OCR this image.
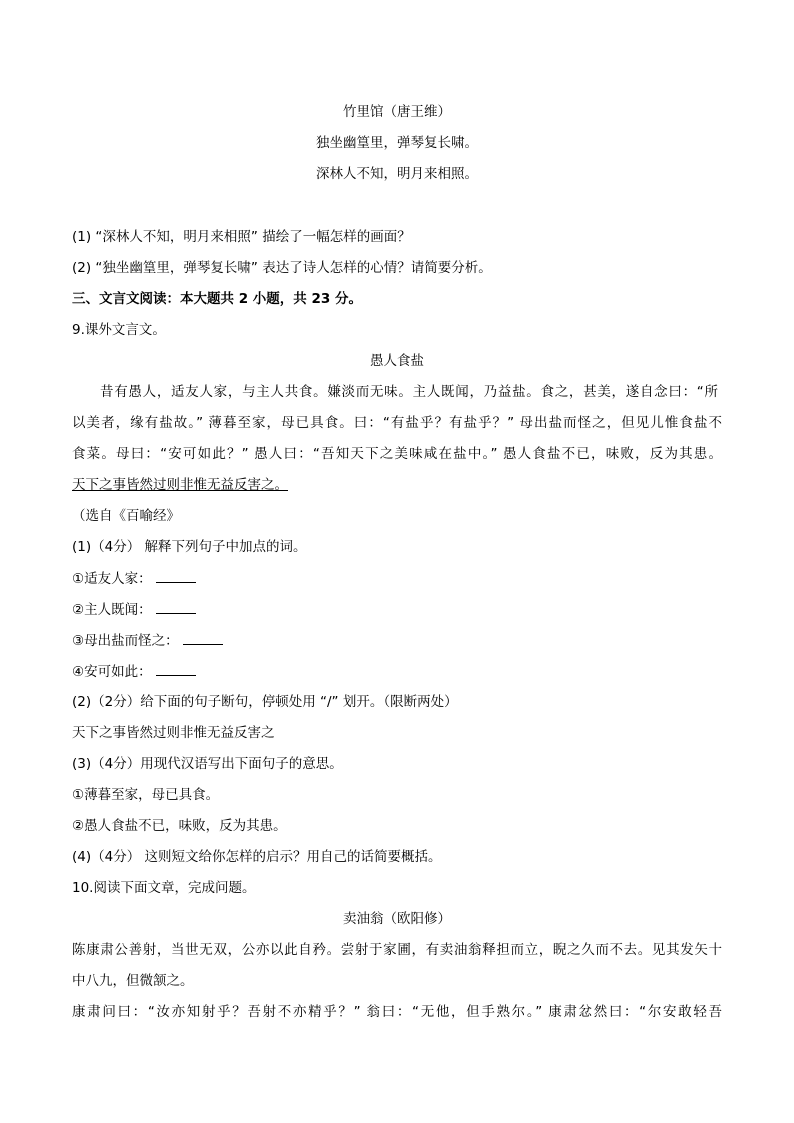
竹里馆（唐王维）
独坐幽篁里，弹琴复长啸。
深林人不知，明月来相照。
(1) “深林人不知，明月来相照” 描绘了一幅怎样的画面？
(2) “独坐幽篁里，弹琴复长啸” 表达了诗人怎样的心情？请简要分析。
三、文言文阅读：本大题共 2 小题，共 23 分。
9.课外文言文。
愚人食盐
昔有愚人，适友人家，与主人共食。嫌淡而无味。主人既闻，乃益盐。食之，甚美，遂自念曰：“所
以美者，缘有盐故。” 薄暮至家，母已具食。曰：“有盐乎？有盐乎？” 母出盐而怪之，但见儿惟食盐不
食菜。母曰：“安可如此？” 愚人曰：“吾知天下之美味咸在盐中。” 愚人食盐不已，味败，反为其患。
天下之事皆然过则非惟无益反害之。
（选自《百喻经》
(1)（4分） 解释下列句子中加点的词。
①适友人家：
②主人既闻：
③母出盐而怪之：
④安可如此：
(2)（2分）给下面的句子断句，停顿处用 “/” 划开。（限断两处）
天下之事皆然过则非惟无益反害之
(3)（4分）用现代汉语写出下面句子的意思。
①薄暮至家，母已具食。
②愚人食盐不已，味败，反为其患。
(4)（4分） 这则短文给你怎样的启示？用自己的话简要概括。
10.阅读下面文章，完成问题。
卖油翁（欧阳修）
陈康肃公善射，当世无双，公亦以此自矜。尝射于家圃，有卖油翁释担而立，睨之久而不去。见其发矢十
中八九，但微颔之。
康肃问曰：“汝亦知射乎？吾射不亦精乎？” 翁曰：“无他，但手熟尔。” 康肃忿然曰：“尔安敢轻吾
